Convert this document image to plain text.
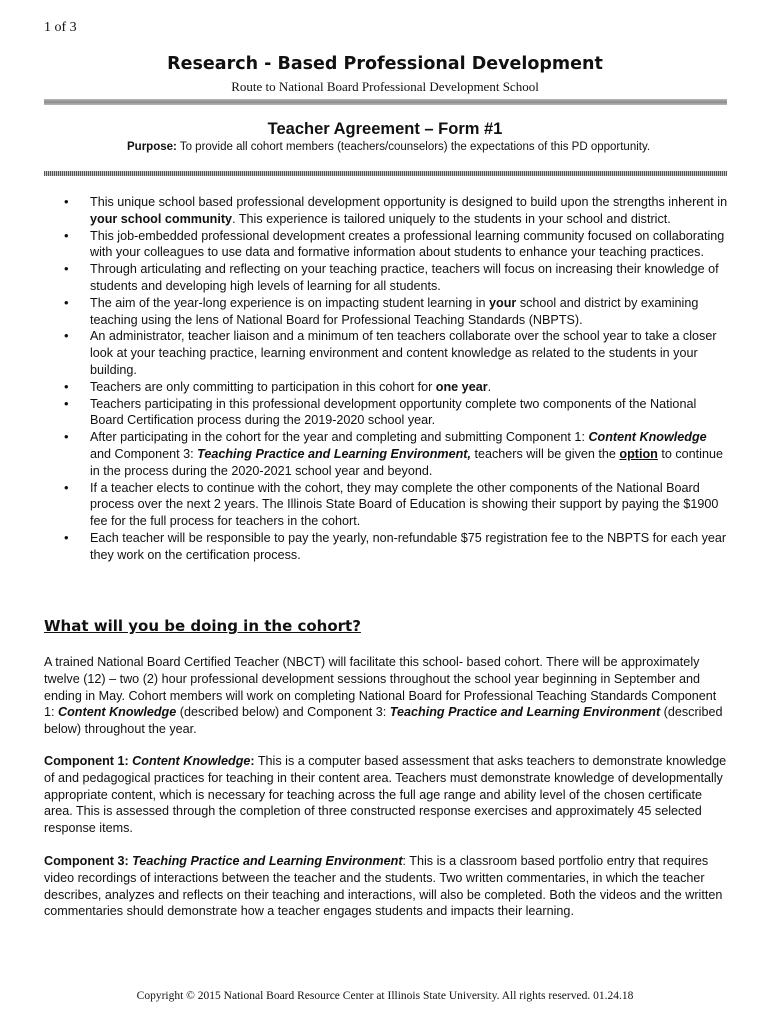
1 of 3
Research - Based Professional Development
Route to National Board Professional Development School
Teacher Agreement – Form #1
Purpose: To provide all cohort members (teachers/counselors) the expectations of this PD opportunity.
• This unique school based professional development opportunity is designed to build upon the strengths inherent in your school community. This experience is tailored uniquely to the students in your school and district.
• This job-embedded professional development creates a professional learning community focused on collaborating with your colleagues to use data and formative information about students to enhance your teaching practices.
• Through articulating and reflecting on your teaching practice, teachers will focus on increasing their knowledge of students and developing high levels of learning for all students.
• The aim of the year-long experience is on impacting student learning in your school and district by examining teaching using the lens of National Board for Professional Teaching Standards (NBPTS).
• An administrator, teacher liaison and a minimum of ten teachers collaborate over the school year to take a closer look at your teaching practice, learning environment and content knowledge as related to the students in your building.
• Teachers are only committing to participation in this cohort for one year.
• Teachers participating in this professional development opportunity complete two components of the National Board Certification process during the 2019-2020 school year.
• After participating in the cohort for the year and completing and submitting Component 1: Content Knowledge and Component 3: Teaching Practice and Learning Environment, teachers will be given the option to continue in the process during the 2020-2021 school year and beyond.
• If a teacher elects to continue with the cohort, they may complete the other components of the National Board process over the next 2 years. The Illinois State Board of Education is showing their support by paying the $1900 fee for the full process for teachers in the cohort.
• Each teacher will be responsible to pay the yearly, non-refundable $75 registration fee to the NBPTS for each year they work on the certification process.
What will you be doing in the cohort?

A trained National Board Certified Teacher (NBCT) will facilitate this school- based cohort. There will be approximately twelve (12) – two (2) hour professional development sessions throughout the school year beginning in September and ending in May. Cohort members will work on completing National Board for Professional Teaching Standards Component 1: Content Knowledge (described below) and Component 3: Teaching Practice and Learning Environment (described below) throughout the year.

Component 1: Content Knowledge: This is a computer based assessment that asks teachers to demonstrate knowledge of and pedagogical practices for teaching in their content area. Teachers must demonstrate knowledge of developmentally appropriate content, which is necessary for teaching across the full age range and ability level of the chosen certificate area. This is assessed through the completion of three constructed response exercises and approximately 45 selected response items.

Component 3: Teaching Practice and Learning Environment: This is a classroom based portfolio entry that requires video recordings of interactions between the teacher and the students. Two written commentaries, in which the teacher describes, analyzes and reflects on their teaching and interactions, will also be completed. Both the videos and the written commentaries should demonstrate how a teacher engages students and impacts their learning.

Copyright © 2015 National Board Resource Center at Illinois State University. All rights reserved. 01.24.18
